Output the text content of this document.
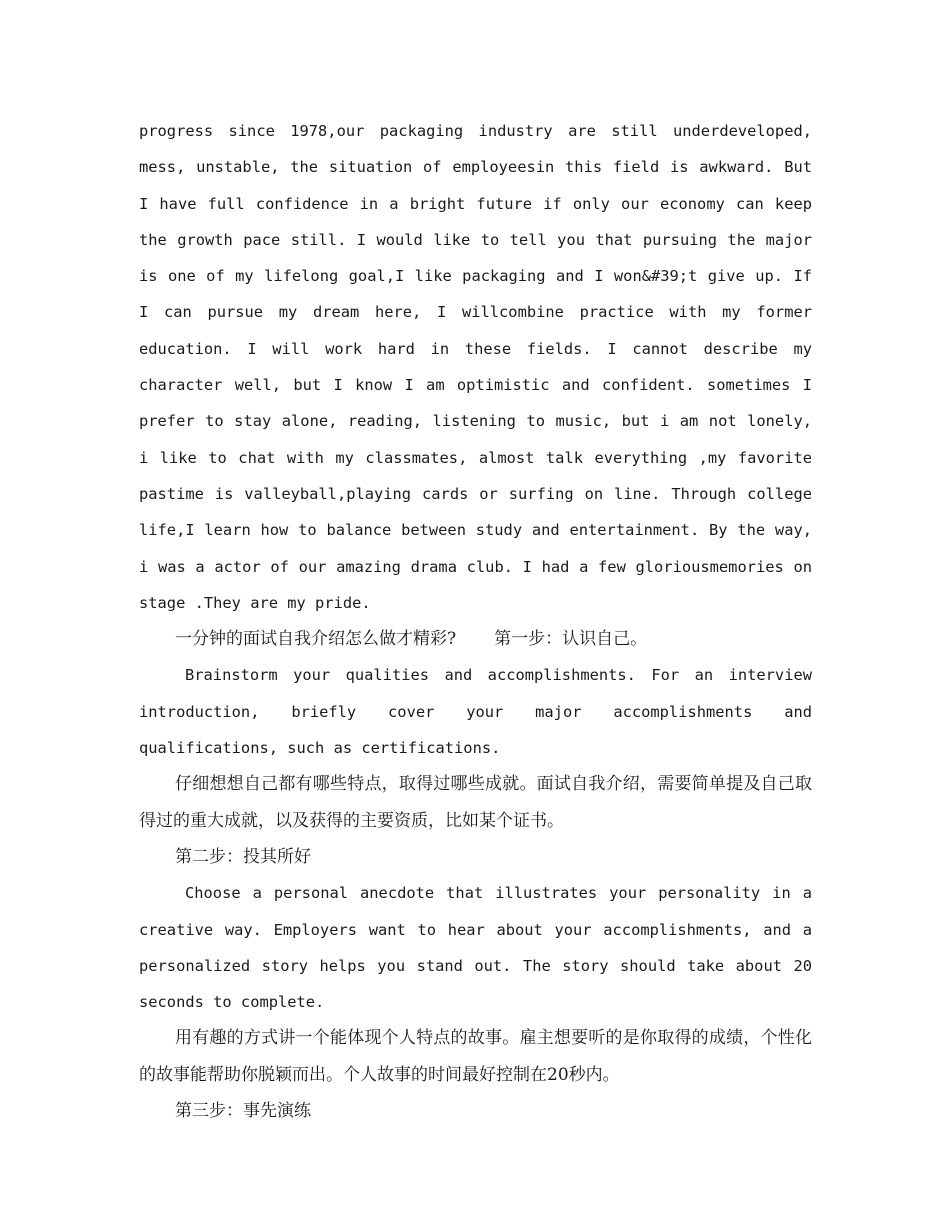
progress since 1978,our packaging industry are still underdeveloped, mess, unstable, the situation of employeesin this field is awkward. But I have full confidence in a bright future if only our economy can keep the growth pace still. I would like to tell you that pursuing the major is one of my lifelong goal,I like packaging and I won&#39;t give up. If I can pursue my dream here, I willcombine practice with my former education. I will work hard in these fields. I cannot describe my character well, but I know I am optimistic and confident. sometimes I prefer to stay alone, reading, listening to music, but i am not lonely, i like to chat with my classmates, almost talk everything ,my favorite pastime is valleyball,playing cards or surfing on line. Through college life,I learn how to balance between study and entertainment. By the way, i was a actor of our amazing drama club. I had a few gloriousmemories on stage .They are my pride.

一分钟的面试自我介绍怎么做才精彩?	第一步：认识自己。

Brainstorm your qualities and accomplishments. For an interview introduction, briefly cover your major accomplishments and qualifications, such as certifications.

仔细想想自己都有哪些特点，取得过哪些成就。面试自我介绍，需要简单提及自己取得过的重大成就，以及获得的主要资质，比如某个证书。

第二步：投其所好

Choose a personal anecdote that illustrates your personality in a creative way. Employers want to hear about your accomplishments, and a personalized story helps you stand out. The story should take about 20 seconds to complete.

用有趣的方式讲一个能体现个人特点的故事。雇主想要听的是你取得的成绩，个性化的故事能帮助你脱颖而出。个人故事的时间最好控制在20秒内。

第三步：事先演练
